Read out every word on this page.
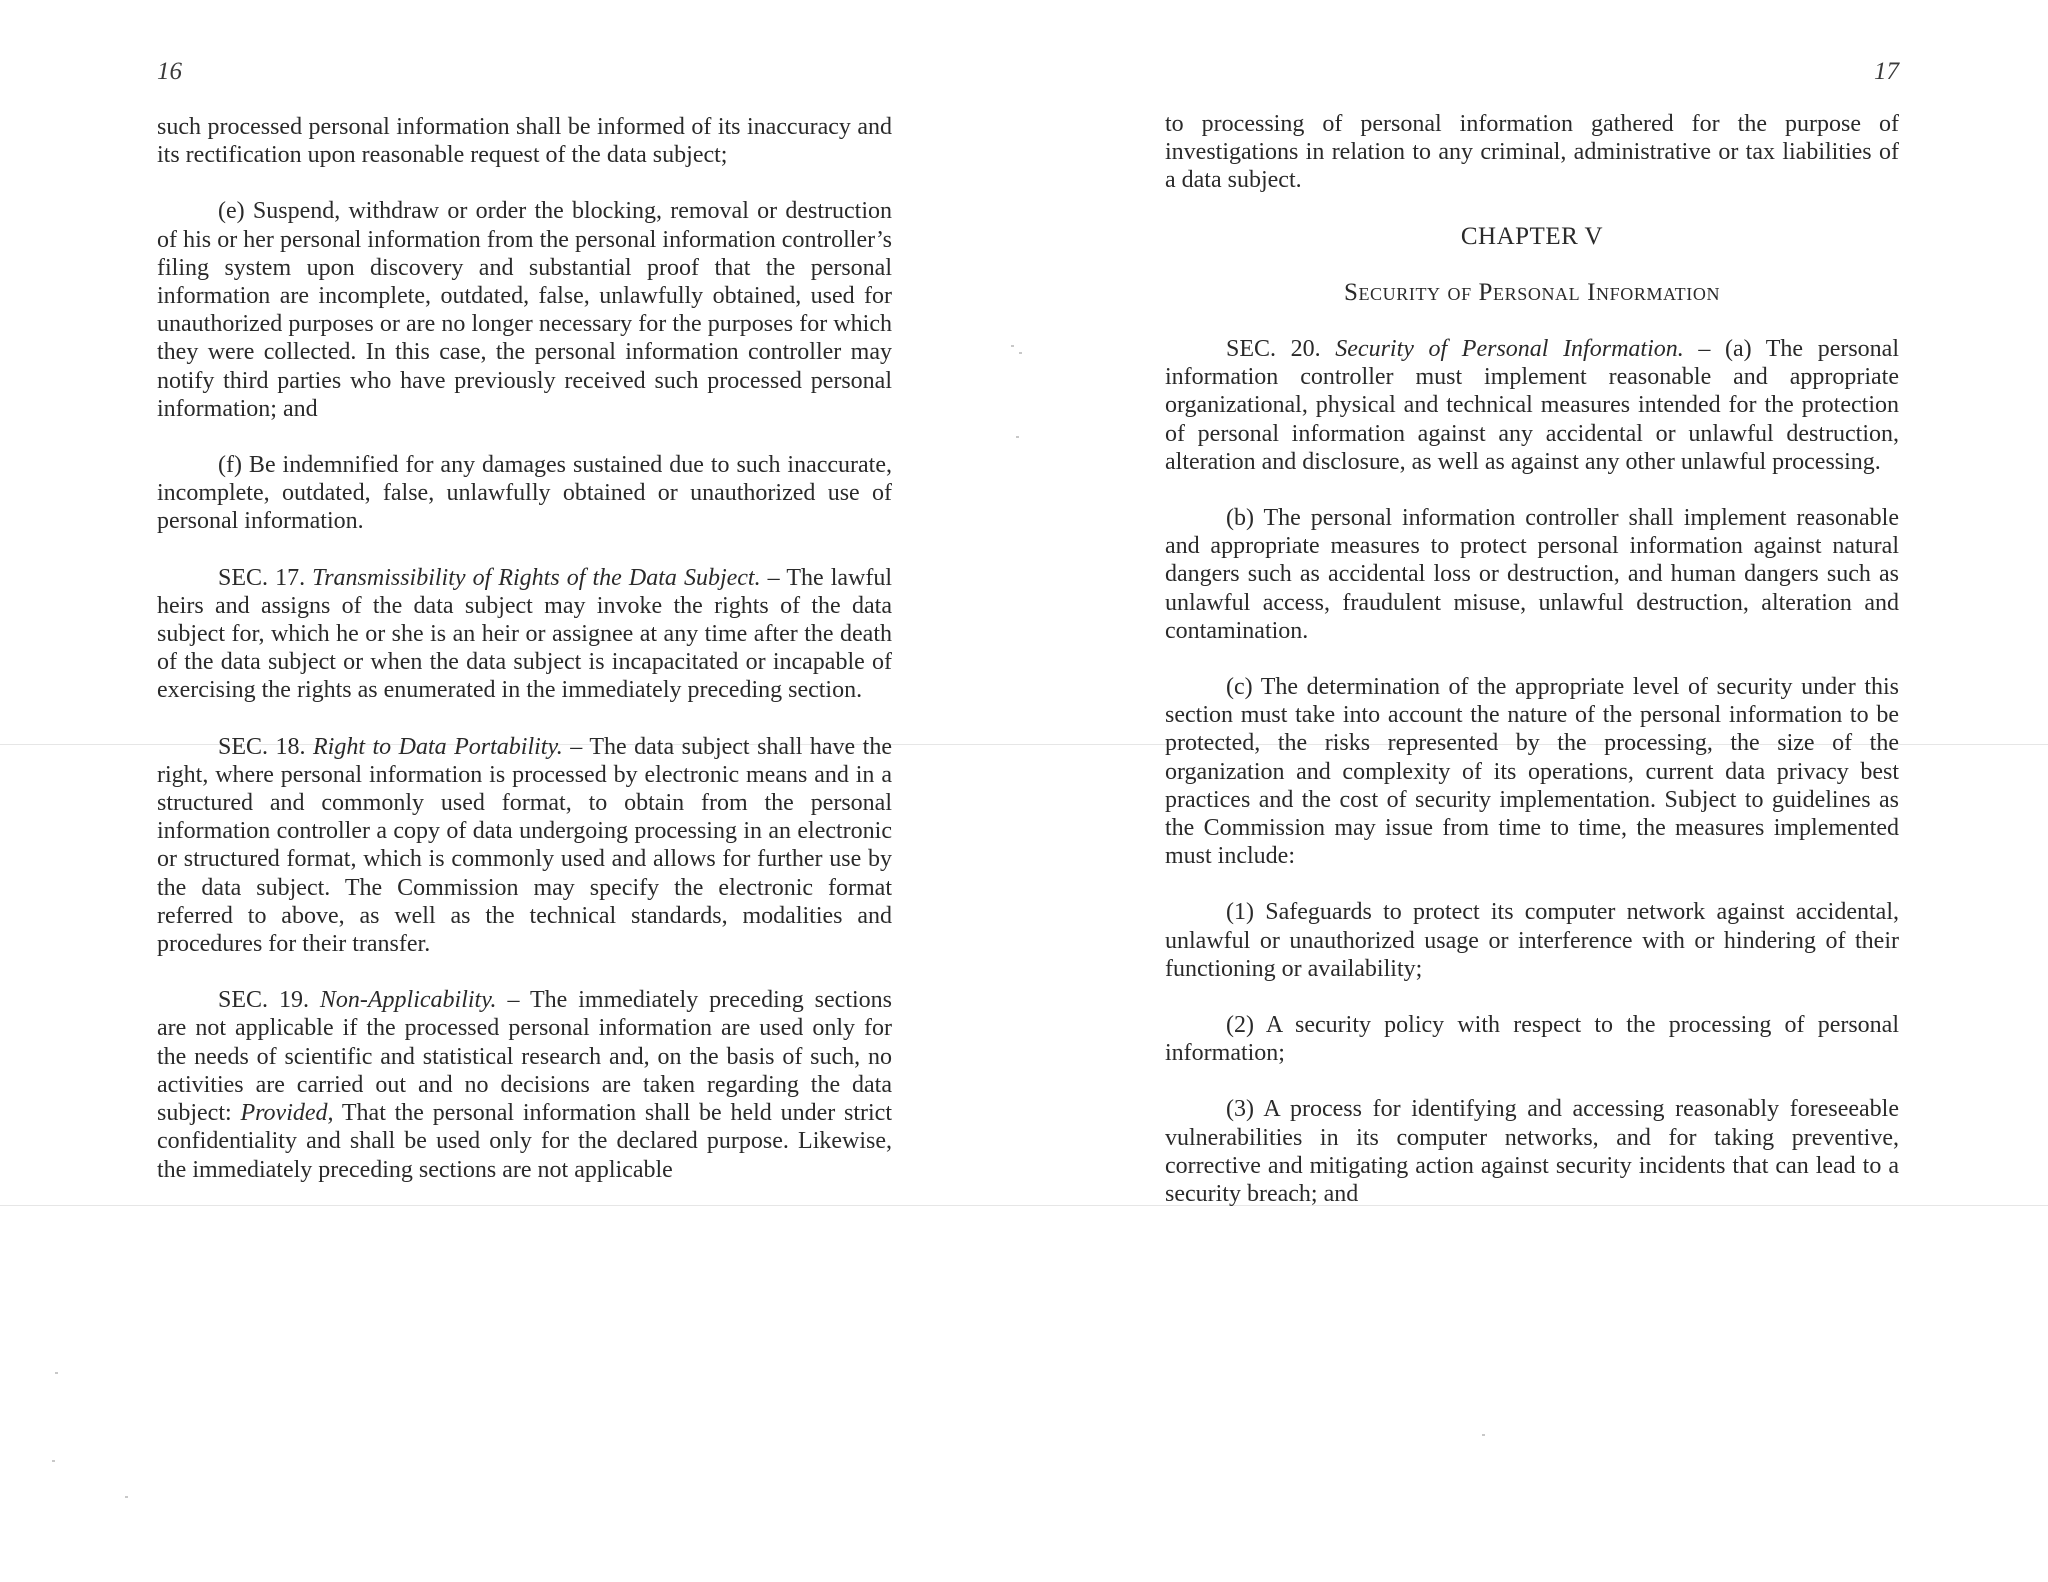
16

such processed personal information shall be informed of its inaccuracy and its rectification upon reasonable request of the data subject;

(e) Suspend, withdraw or order the blocking, removal or destruction of his or her personal information from the personal information controller’s filing system upon discovery and substantial proof that the personal information are incomplete, outdated, false, unlawfully obtained, used for unauthorized purposes or are no longer necessary for the purposes for which they were collected. In this case, the personal information controller may notify third parties who have previously received such processed personal information; and

(f) Be indemnified for any damages sustained due to such inaccurate, incomplete, outdated, false, unlawfully obtained or unauthorized use of personal information.

SEC. 17. Transmissibility of Rights of the Data Subject. – The lawful heirs and assigns of the data subject may invoke the rights of the data subject for, which he or she is an heir or assignee at any time after the death of the data subject or when the data subject is incapacitated or incapable of exercising the rights as enumerated in the immediately preceding section.

SEC. 18. Right to Data Portability. – The data subject shall have the right, where personal information is processed by electronic means and in a structured and commonly used format, to obtain from the personal information controller a copy of data undergoing processing in an electronic or structured format, which is commonly used and allows for further use by the data subject. The Commission may specify the electronic format referred to above, as well as the technical standards, modalities and procedures for their transfer.

SEC. 19. Non-Applicability. – The immediately preceding sections are not applicable if the processed personal information are used only for the needs of scientific and statistical research and, on the basis of such, no activities are carried out and no decisions are taken regarding the data subject: Provided, That the personal information shall be held under strict confidentiality and shall be used only for the declared purpose. Likewise, the immediately preceding sections are not applicable

17

to processing of personal information gathered for the purpose of investigations in relation to any criminal, administrative or tax liabilities of a data subject.

CHAPTER V

Security of Personal Information

SEC. 20. Security of Personal Information. – (a) The personal information controller must implement reasonable and appropriate organizational, physical and technical measures intended for the protection of personal information against any accidental or unlawful destruction, alteration and disclosure, as well as against any other unlawful processing.

(b) The personal information controller shall implement reasonable and appropriate measures to protect personal information against natural dangers such as accidental loss or destruction, and human dangers such as unlawful access, fraudulent misuse, unlawful destruction, alteration and contamination.

(c) The determination of the appropriate level of security under this section must take into account the nature of the personal information to be protected, the risks represented by the processing, the size of the organization and complexity of its operations, current data privacy best practices and the cost of security implementation. Subject to guidelines as the Commission may issue from time to time, the measures implemented must include:

(1) Safeguards to protect its computer network against accidental, unlawful or unauthorized usage or interference with or hindering of their functioning or availability;

(2) A security policy with respect to the processing of personal information;

(3) A process for identifying and accessing reasonably foreseeable vulnerabilities in its computer networks, and for taking preventive, corrective and mitigating action against security incidents that can lead to a security breach; and
